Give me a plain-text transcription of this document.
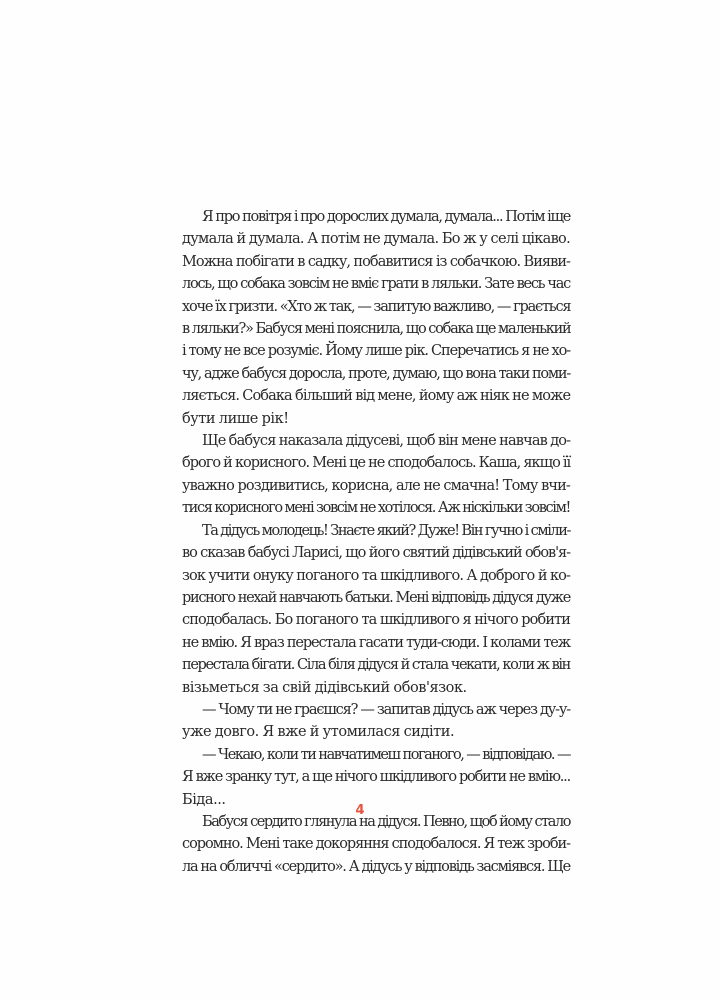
Я про повітря і про дорослих думала, думала... Потім іще
думала й думала. А потім не думала. Бо ж у селі цікаво.
Можна побігати в садку, побавитися із собачкою. Вияви-
лось, що собака зовсім не вміє грати в ляльки. Зате весь час
хоче їх гризти. «Хто ж так, — запитую важливо, — грається
в ляльки?» Бабуся мені пояснила, що собака ще маленький
і тому не все розуміє. Йому лише рік. Сперечатись я не хо-
чу, адже бабуся доросла, проте, думаю, що вона таки поми-
ляється. Собака більший від мене, йому аж ніяк не може
бути лише рік!
Ще бабуся наказала дідусеві, щоб він мене навчав до-
брого й корисного. Мені це не сподобалось. Каша, якщо її
уважно роздивитись, корисна, але не смачна! Тому вчи-
тися корисного мені зовсім не хотілося. Аж ніскільки зовсім!
Та дідусь молодець! Знаєте який? Дуже! Він гучно і сміли-
во сказав бабусі Ларисі, що його святий дідівський обов'я-
зок учити онуку поганого та шкідливого. А доброго й ко-
рисного нехай навчають батьки. Мені відповідь дідуся дуже
сподобалась. Бо поганого та шкідливого я нічого робити
не вмію. Я враз перестала гасати туди-сюди. І колами теж
перестала бігати. Сіла біля дідуся й стала чекати, коли ж він
візьметься за свій дідівський обов'язок.
— Чому ти не граєшся? — запитав дідусь аж через ду-у-
уже довго. Я вже й утомилася сидіти.
— Чекаю, коли ти навчатимеш поганого, — відповідаю. —
Я вже зранку тут, а ще нічого шкідливого робити не вмію...
Біда...
Бабуся сердито глянула на дідуся. Певно, щоб йому стало
соромно. Мені таке докоряння сподобалося. Я теж зроби-
ла на обличчі «сердито». А дідусь у відповідь засміявся. Ще
4
